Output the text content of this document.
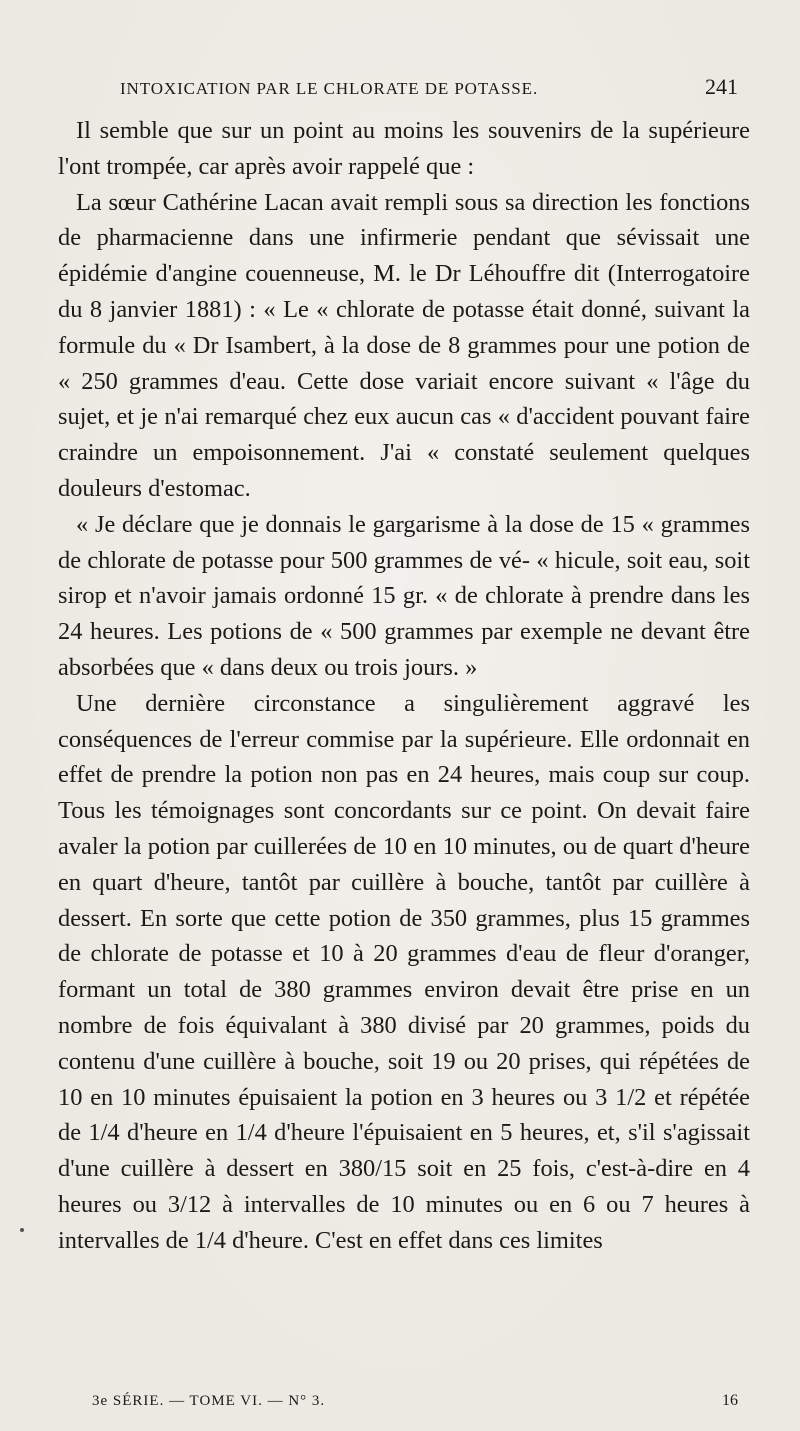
INTOXICATION PAR LE CHLORATE DE POTASSE.	241

Il semble que sur un point au moins les souvenirs de la supérieure l'ont trompée, car après avoir rappelé que :

La sœur Cathérine Lacan avait rempli sous sa direction les fonctions de pharmacienne dans une infirmerie pendant que sévissait une épidémie d'angine couenneuse, M. le Dr Léhouffre dit (Interrogatoire du 8 janvier 1881) : « Le « chlorate de potasse était donné, suivant la formule du « Dr Isambert, à la dose de 8 grammes pour une potion de « 250 grammes d'eau. Cette dose variait encore suivant « l'âge du sujet, et je n'ai remarqué chez eux aucun cas « d'accident pouvant faire craindre un empoisonnement. J'ai « constaté seulement quelques douleurs d'estomac.

« Je déclare que je donnais le gargarisme à la dose de 15 « grammes de chlorate de potasse pour 500 grammes de vé- « hicule, soit eau, soit sirop et n'avoir jamais ordonné 15 gr. « de chlorate à prendre dans les 24 heures. Les potions de « 500 grammes par exemple ne devant être absorbées que « dans deux ou trois jours. »

Une dernière circonstance a singulièrement aggravé les conséquences de l'erreur commise par la supérieure. Elle ordonnait en effet de prendre la potion non pas en 24 heures, mais coup sur coup. Tous les témoignages sont concordants sur ce point. On devait faire avaler la potion par cuillerées de 10 en 10 minutes, ou de quart d'heure en quart d'heure, tantôt par cuillère à bouche, tantôt par cuillère à dessert. En sorte que cette potion de 350 grammes, plus 15 grammes de chlorate de potasse et 10 à 20 grammes d'eau de fleur d'oranger, formant un total de 380 grammes environ devait être prise en un nombre de fois équivalant à 380 divisé par 20 grammes, poids du contenu d'une cuillère à bouche, soit 19 ou 20 prises, qui répétées de 10 en 10 minutes épuisaient la potion en 3 heures ou 3 1/2 et répétée de 1/4 d'heure en 1/4 d'heure l'épuisaient en 5 heures, et, s'il s'agissait d'une cuillère à dessert en 380/15 soit en 25 fois, c'est-à-dire en 4 heures ou 3/12 à intervalles de 10 minutes ou en 6 ou 7 heures à intervalles de 1/4 d'heure. C'est en effet dans ces limites

3e SÉRIE. — TOME VI. — N° 3.	16
